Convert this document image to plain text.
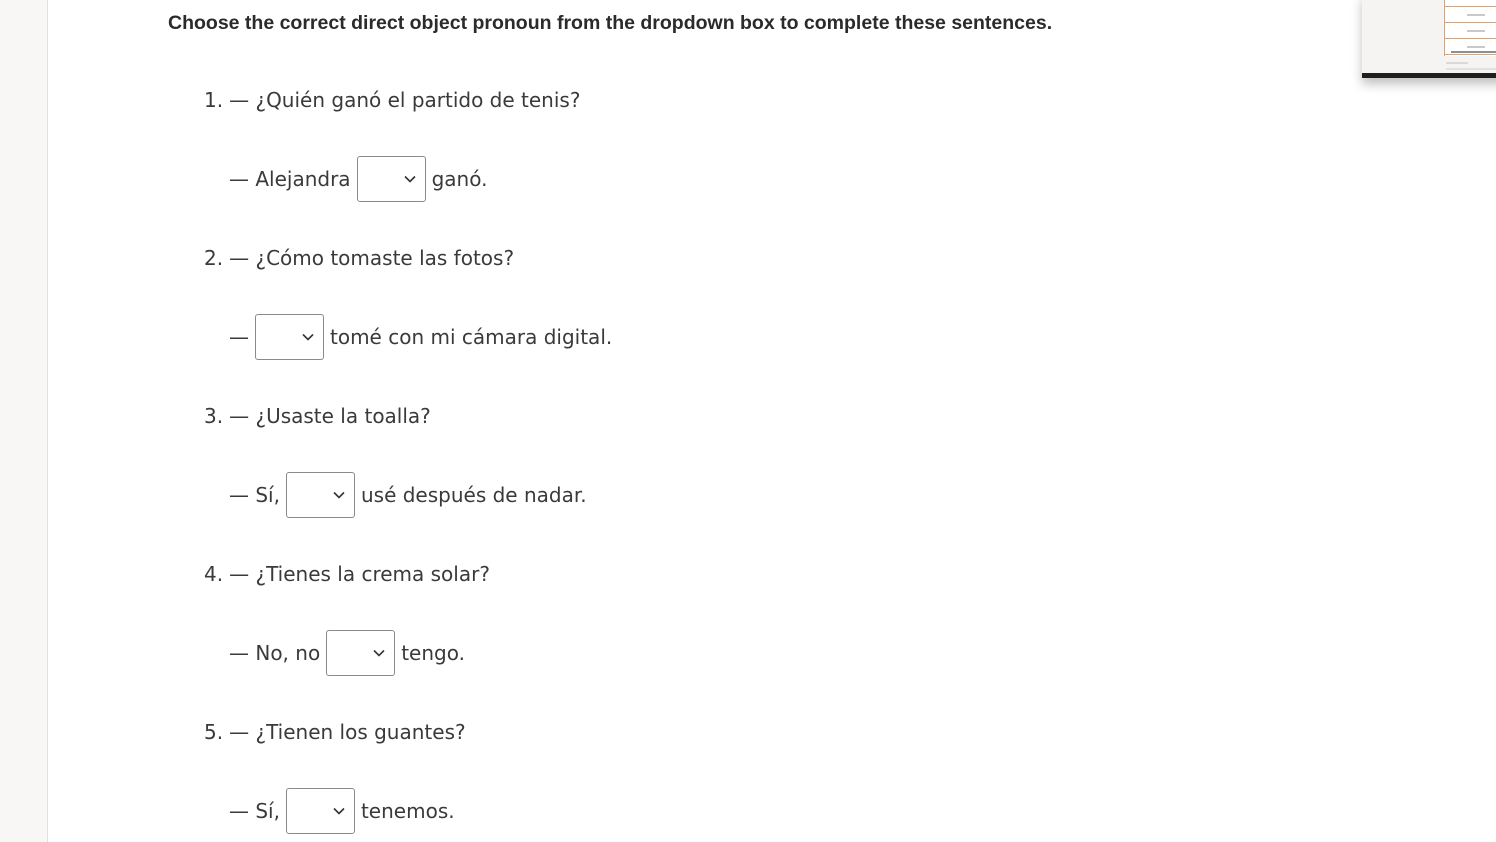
Choose the correct direct object pronoun from the dropdown box to complete these sentences.
1. — ¿Quién ganó el partido de tenis?
— Alejandra	ganó.
2. — ¿Cómo tomaste las fotos?
—	tomé con mi cámara digital.
3. — ¿Usaste la toalla?
— Sí,	usé después de nadar.
4. — ¿Tienes la crema solar?
— No, no	tengo.
5. — ¿Tienen los guantes?
— Sí,	tenemos.
